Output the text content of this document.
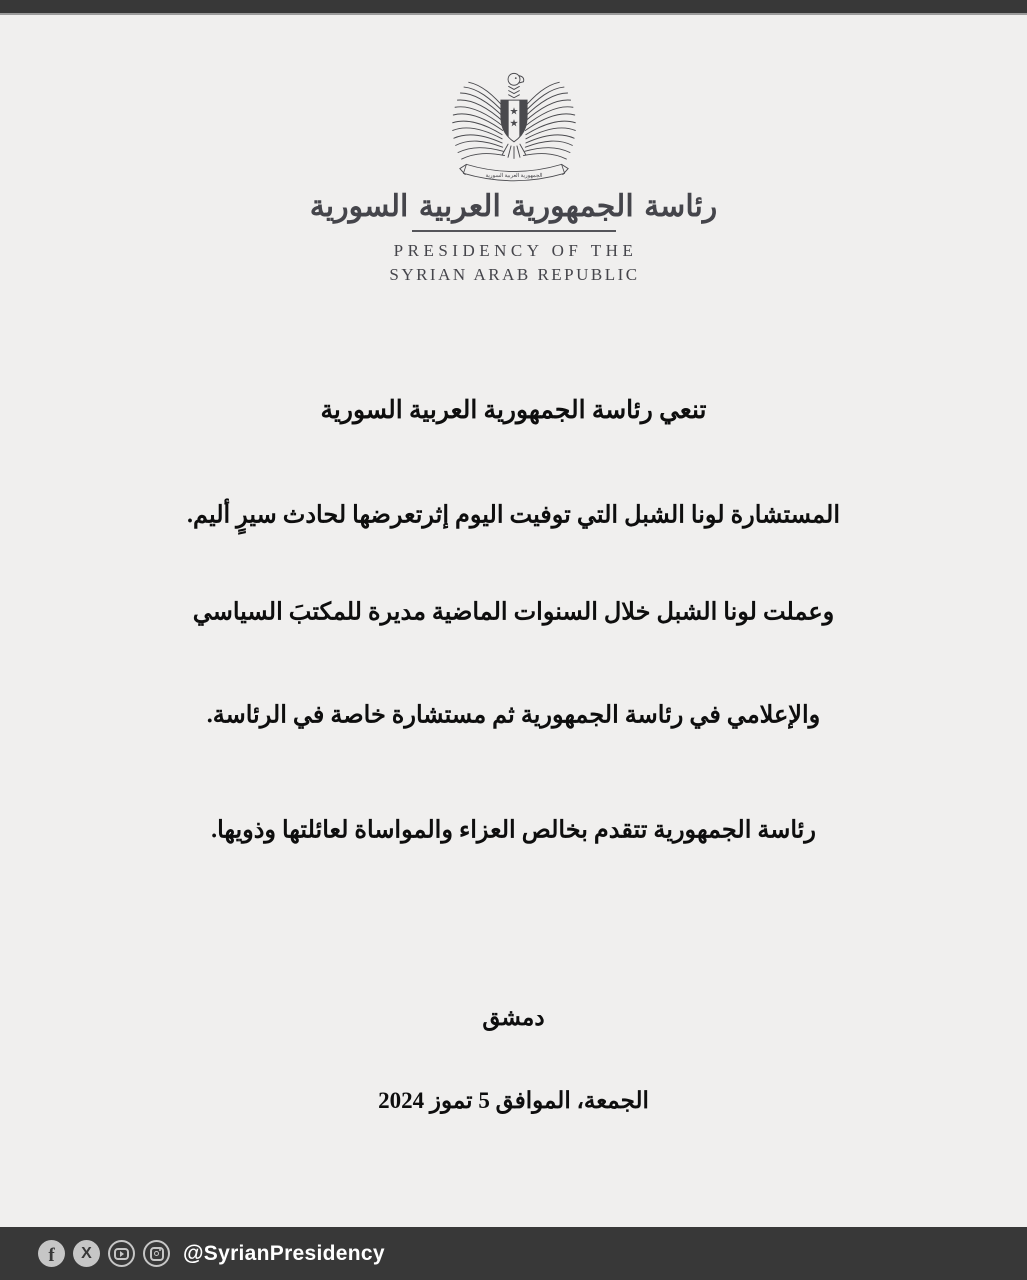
الجمهورية العربية السورية
رئاسة الجمهورية العربية السورية
PRESIDENCY OF THE
SYRIAN ARAB REPUBLIC
تنعي رئاسة الجمهورية العربية السورية
المستشارة لونا الشبل التي توفيت اليوم إثرتعرضها لحادث سيرٍ أليم.
وعملت لونا الشبل خلال السنوات الماضية مديرة للمكتبَ السياسي
والإعلامي في رئاسة الجمهورية ثم مستشارة خاصة في الرئاسة.
رئاسة الجمهورية تتقدم بخالص العزاء والمواساة لعائلتها وذويها.
دمشق
الجمعة، الموافق 5 تموز 2024
f X	@SyrianPresidency
